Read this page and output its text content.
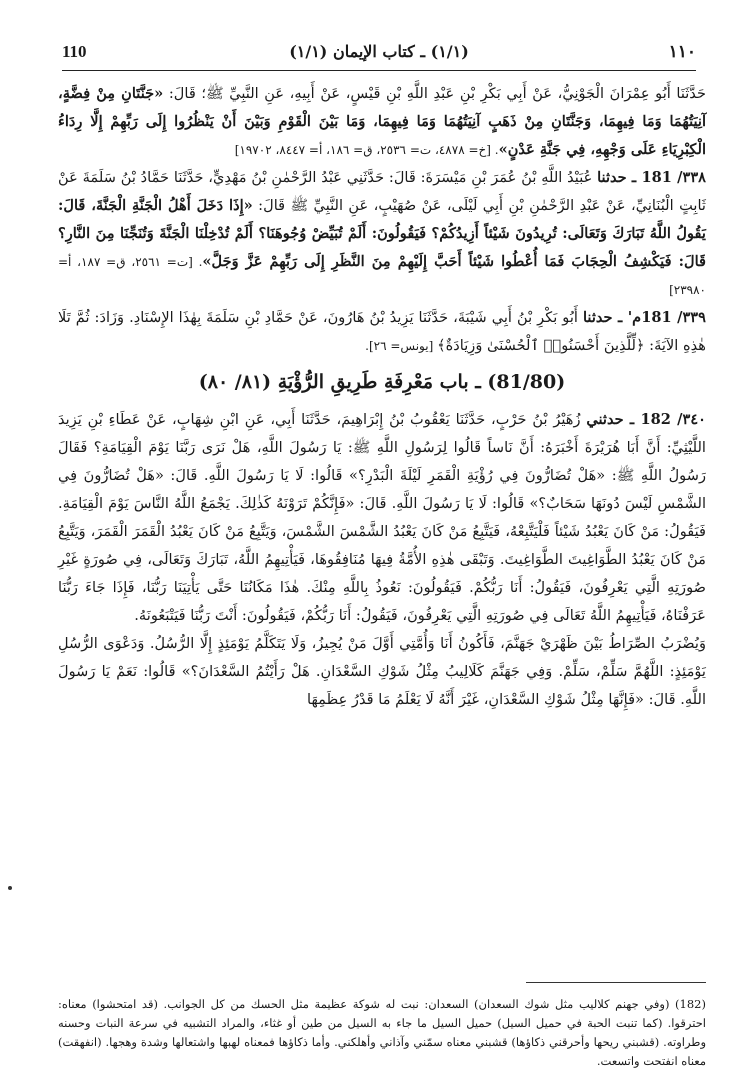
110	(١/١) ـ كتاب الإيمان (١/١)	١١٠

حَدَّثَنَا أَبُو عِمْرَانَ الْجَوْنِيُّ، عَنْ أَبِي بَكْرِ بْنِ عَبْدِ اللَّهِ بْنِ قَيْسٍ، عَنْ أَبِيهِ، عَنِ النَّبِيِّ ﷺ؛ قَالَ: «جَنَّتَانِ مِنْ فِضَّةٍ، آنِيَتُهُمَا وَمَا فِيهِمَا، وَجَنَّتَانِ مِنْ ذَهَبٍ آنِيَتُهُمَا وَمَا فِيهِمَا، وَمَا بَيْنَ الْقَوْمِ وَبَيْنَ أَنْ يَنْظُرُوا إِلَى رَبِّهِمْ إِلَّا رِدَاءُ الْكِبْرِيَاءِ عَلَى وَجْهِهِ، فِي جَنَّةِ عَدْنٍ». [خ= ٤٨٧٨، ت= ٢٥٣٦، ق= ١٨٦، أ= ٨٤٤٧، ١٩٧٠٢]

٣٣٨/ 181 ـ حدثنا عُبَيْدُ اللَّهِ بْنُ عُمَرَ بْنِ مَيْسَرَةَ: قَالَ: حَدَّثَنِي عَبْدُ الرَّحْمٰنِ بْنُ مَهْدِيٍّ، حَدَّثَنَا حَمَّادُ بْنُ سَلَمَةَ عَنْ ثَابِتٍ الْبُنَانِيِّ، عَنْ عَبْدِ الرَّحْمٰنِ بْنِ أَبِي لَيْلَى، عَنْ صُهَيْبٍ، عَنِ النَّبِيِّ ﷺ قَالَ: «إِذَا دَخَلَ أَهْلُ الْجَنَّةِ الْجَنَّةَ، قَالَ: يَقُولُ اللَّهُ تَبَارَكَ وَتَعَالَى: تُرِيدُونَ شَيْئاً أَزِيدُكُمْ؟ فَيَقُولُونَ: أَلَمْ تُبَيِّضْ وُجُوهَنَا؟ أَلَمْ تُدْخِلْنَا الْجَنَّةَ وَتُنَجِّنَا مِنَ النَّارِ؟ قَالَ: فَيَكْشِفُ الْحِجَابَ فَمَا أُعْطُوا شَيْئاً أَحَبَّ إِلَيْهِمْ مِنَ النَّظَرِ إِلَى رَبِّهِمْ عَزَّ وَجَلَّ». [ت= ٢٥٦١، ق= ١٨٧، أ= ٢٣٩٨٠]

٣٣٩/ 181م' ـ حدثنا أَبُو بَكْرِ بْنُ أَبِي شَيْبَةَ، حَدَّثَنَا يَزِيدُ بْنُ هَارُونَ، عَنْ حَمَّادِ بْنِ سَلَمَةَ بِهٰذَا الإِسْنَادِ. وَزَادَ: ثُمَّ تَلَا هٰذِهِ الآيَةَ: ﴿لِّلَّذِينَ أَحْسَنُوا۟ ٱلْحُسْنَىٰ وَزِيَادَةٌ﴾ [يونس= ٢٦].

(81/80) ـ باب مَعْرِفَةِ طَرِيقِ الرُّؤْيَةِ (٨١/ ٨٠)

٣٤٠/ 182 ـ حدثني زُهَيْرُ بْنُ حَرْبٍ، حَدَّثَنَا يَعْقُوبُ بْنُ إِبْرَاهِيمَ، حَدَّثَنَا أَبِي، عَنِ ابْنِ شِهَابٍ، عَنْ عَطَاءِ بْنِ يَزِيدَ اللَّيْثِيِّ: أَنَّ أَبَا هُرَيْرَةَ أَخْبَرَهُ: أَنَّ نَاساً قَالُوا لِرَسُولِ اللَّهِ ﷺ: يَا رَسُولَ اللَّهِ، هَلْ نَرَى رَبَّنَا يَوْمَ الْقِيَامَةِ؟ فَقَالَ رَسُولُ اللَّهِ ﷺ: «هَلْ تُضَارُّونَ فِي رُؤْيَةِ الْقَمَرِ لَيْلَةَ الْبَدْرِ؟» قَالُوا: لَا يَا رَسُولَ اللَّهِ. قَالَ: «هَلْ تُضَارُّونَ فِي الشَّمْسِ لَيْسَ دُونَهَا سَحَابٌ؟» قَالُوا: لَا يَا رَسُولَ اللَّهِ. قَالَ: «فَإِنَّكُمْ تَرَوْنَهُ كَذٰلِكَ. يَجْمَعُ اللَّهُ النَّاسَ يَوْمَ الْقِيَامَةِ. فَيَقُولُ: مَنْ كَانَ يَعْبُدُ شَيْئاً فَلْيَتَّبِعْهُ، فَيَتَّبِعُ مَنْ كَانَ يَعْبُدُ الشَّمْسَ الشَّمْسَ، وَيَتَّبِعُ مَنْ كَانَ يَعْبُدُ الْقَمَرَ الْقَمَرَ، وَيَتَّبِعُ مَنْ كَانَ يَعْبُدُ الطَّوَاغِيتَ الطَّوَاغِيتَ. وَتَبْقَى هٰذِهِ الأُمَّةُ فِيهَا مُنَافِقُوهَا، فَيَأْتِيهِمُ اللَّهُ، تَبَارَكَ وَتَعَالَى، فِي صُورَةٍ غَيْرِ صُورَتِهِ الَّتِي يَعْرِفُونَ، فَيَقُولُ: أَنَا رَبُّكُمْ. فَيَقُولُونَ: نَعُوذُ بِاللَّهِ مِنْكَ. هٰذَا مَكَانُنَا حَتَّى يَأْتِيَنَا رَبُّنَا، فَإِذَا جَاءَ رَبُّنَا عَرَفْنَاهُ، فَيَأْتِيهِمُ اللَّهُ تَعَالَى فِي صُورَتِهِ الَّتِي يَعْرِفُونَ، فَيَقُولُ: أَنَا رَبُّكُمْ، فَيَقُولُونَ: أَنْتَ رَبُّنَا فَيَتْبَعُونَهُ.

وَيُضْرَبُ الصِّرَاطُ بَيْنَ ظَهْرَيْ جَهَنَّمَ، فَأَكُونُ أَنَا وَأُمَّتِي أَوَّلَ مَنْ يُجِيزُ، وَلَا يَتَكَلَّمُ يَوْمَئِذٍ إِلَّا الرُّسُلُ. وَدَعْوَى الرُّسُلِ يَوْمَئِذٍ: اللَّهُمَّ سَلِّمْ، سَلِّمْ. وَفِي جَهَنَّمَ كَلَالِيبُ مِثْلُ شَوْكِ السَّعْدَانِ. هَلْ رَأَيْتُمُ السَّعْدَانَ؟» قَالُوا: نَعَمْ يَا رَسُولَ اللَّهِ. قَالَ: «فَإِنَّهَا مِثْلُ شَوْكِ السَّعْدَانِ، غَيْرَ أَنَّهُ لَا يَعْلَمُ مَا قَدْرُ عِظَمِهَا

(182) (وفي جهنم كلاليب مثل شوك السعدان) السعدان: نبت له شوكة عظيمة مثل الحسك من كل الجوانب. (قد امتحشوا) معناه: احترقوا. (كما تنبت الحبة في حميل السيل) حميل السيل ما جاء به السيل من طين أو غثاء، والمراد التشبيه في سرعة النبات وحسنه وطراوته. (قشبني ريحها وأحرقني ذكاؤها) قشبني معناه سمّني وآذاني وأهلكني. وأما ذكاؤها فمعناه لهبها واشتعالها وشدة وهجها. (انفهقت) معناه انفتحت واتسعت.
